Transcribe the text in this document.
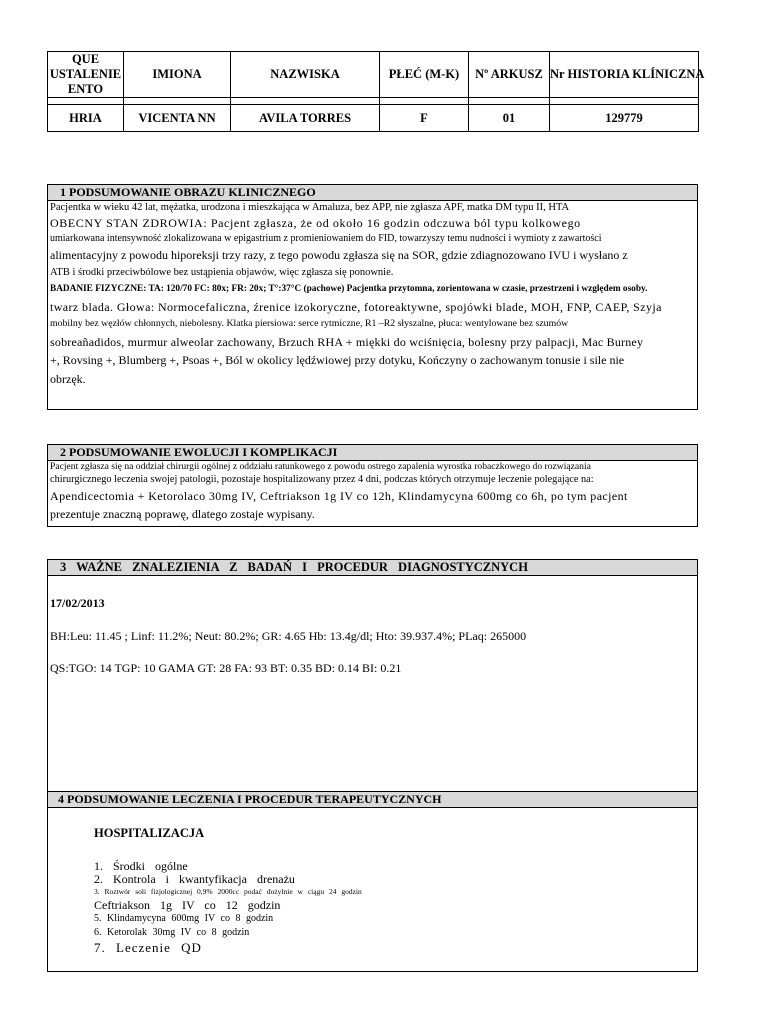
QUE
USTALENIE
ENTO	IMIONA	NAZWISKA	PŁEĆ (M-K)	Nº ARKUSZ	Nr HISTORIA KLÍNICZNA

HRIA	VICENTA NN	AVILA TORRES	F	01	129779
1 PODSUMOWANIE OBRAZU KLINICZNEGO
Pacjentka w wieku 42 lat, mężatka, urodzona i mieszkająca w Amaluza, bez APP, nie zgłasza APF, matka DM typu II, HTA
OBECNY STAN ZDROWIA: Pacjent zgłasza, że od około 16 godzin odczuwa ból typu kolkowego
umiarkowana intensywność zlokalizowana w epigastrium z promieniowaniem do FID, towarzyszy temu nudności i wymioty z zawartości
alimentacyjny z powodu hiporeksji trzy razy, z tego powodu zgłasza się na SOR, gdzie zdiagnozowano IVU i wysłano z
ATB i środki przeciwbólowe bez ustąpienia objawów, więc zgłasza się ponownie.
BADANIE FIZYCZNE: TA: 120/70 FC: 80x; FR: 20x; T°:37°C (pachowe) Pacjentka przytomna, zorientowana w czasie, przestrzeni i względem osoby.
twarz blada. Głowa: Normocefaliczna, źrenice izokoryczne, fotoreaktywne, spojówki blade, MOH, FNP, CAEP, Szyja
mobilny bez węzłów chłonnych, niebolesny. Klatka piersiowa: serce rytmiczne, R1 –R2 słyszalne, płuca: wentylowane bez szumów
sobreañadidos, murmur alweolar zachowany, Brzuch RHA + miękki do wciśnięcia, bolesny przy palpacji, Mac Burney
+, Rovsing +, Blumberg +, Psoas +, Ból w okolicy lędźwiowej przy dotyku, Kończyny o zachowanym tonusie i sile nie
obrzęk.
2 PODSUMOWANIE EWOLUCJI I KOMPLIKACJI
Pacjent zgłasza się na oddział chirurgii ogólnej z oddziału ratunkowego z powodu ostrego zapalenia wyrostka robaczkowego do rozwiązania
chirurgicznego leczenia swojej patologii, pozostaje hospitalizowany przez 4 dni, podczas których otrzymuje leczenie polegające na:
Apendicectomia + Ketorolaco 30mg IV, Ceftriakson 1g IV co 12h, Klindamycyna 600mg co 6h, po tym pacjent
prezentuje znaczną poprawę, dlatego zostaje wypisany.
3 WAŻNE ZNALEZIENIA Z BADAŃ I PROCEDUR DIAGNOSTYCZNYCH
17/02/2013
BH:Leu: 11.45 ; Linf: 11.2%; Neut: 80.2%; GR: 4.65 Hb: 13.4g/dl; Hto: 39.937.4%; PLaq: 265000
QS:TGO: 14 TGP: 10 GAMA GT: 28 FA: 93 BT: 0.35 BD: 0.14 BI: 0.21
4 PODSUMOWANIE LECZENIA I PROCEDUR TERAPEUTYCZNYCH
HOSPITALIZACJA
1. Środki ogólne
2. Kontrola i kwantyfikacja drenażu
3. Roztwór soli fizjologicznej 0,9% 2000cc podać dożylnie w ciągu 24 godzin
Ceftriakson 1g IV co 12 godzin
5. Klindamycyna 600mg IV co 8 godzin
6. Ketorolak 30mg IV co 8 godzin
7. Leczenie QD
